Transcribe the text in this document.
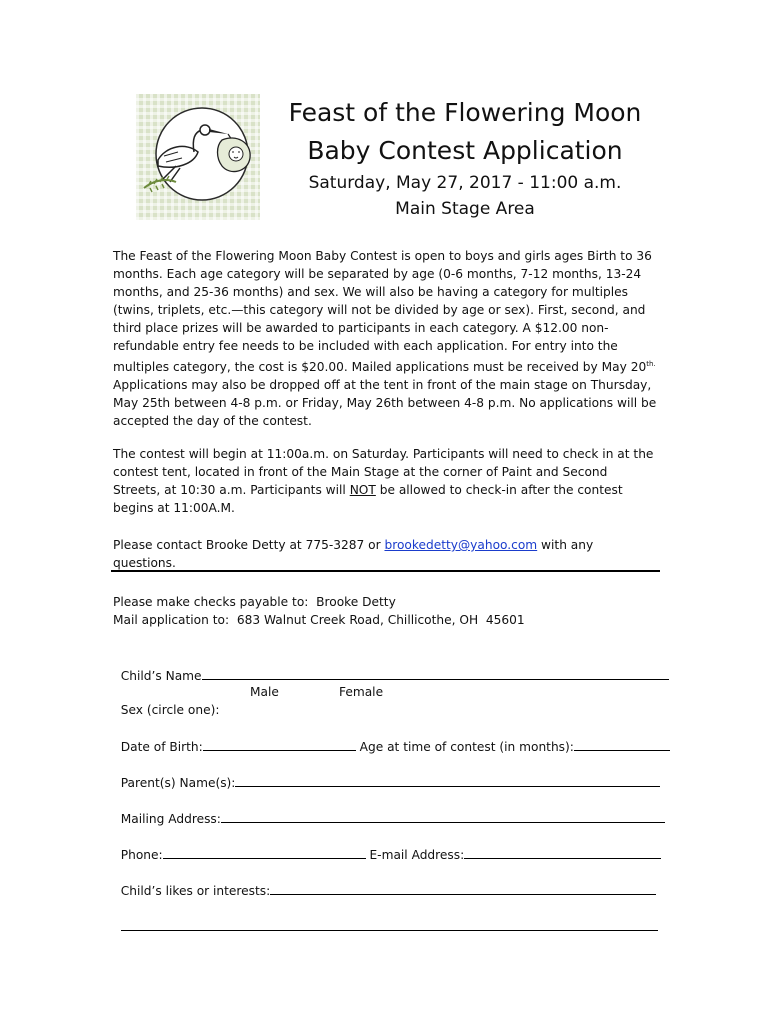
Feast of the Flowering Moon
Baby Contest Application

Saturday, May 27, 2017 - 11:00 a.m.

Main Stage Area

The Feast of the Flowering Moon Baby Contest is open to boys and girls ages Birth to 36 months. Each age category will be separated by age (0-6 months, 7-12 months, 13-24 months, and 25-36 months) and sex. We will also be having a category for multiples (twins, triplets, etc.—this category will not be divided by age or sex). First, second, and third place prizes will be awarded to participants in each category. A $12.00 non-refundable entry fee needs to be included with each application. For entry into the multiples category, the cost is $20.00. Mailed applications must be received by May $20^{th.}$ Applications may also be dropped off at the tent in front of the main stage on Thursday, May 25th between 4-8 p.m. or Friday, May 26th between 4-8 p.m. No applications will be accepted the day of the contest.

The contest will begin at 11:00a.m. on Saturday. Participants will need to check in at the contest tent, located in front of the Main Stage at the corner of Paint and Second Streets, at 10:30 a.m. Participants will NOT be allowed to check-in after the contest begins at 11:00A.M.

Please contact Brooke Detty at 775-3287 or brookedetty@yahoo.com with any questions.

Please make checks payable to:  Brooke Detty

Mail application to:  683 Walnut Creek Road, Chillicothe, OH  45601

Child’s Name

Sex (circle one):

Male	Female

Date of Birth:	Age at time of contest (in months):

Parent(s) Name(s):

Mailing Address:

Phone:	E-mail Address:

Child’s likes or interests:
